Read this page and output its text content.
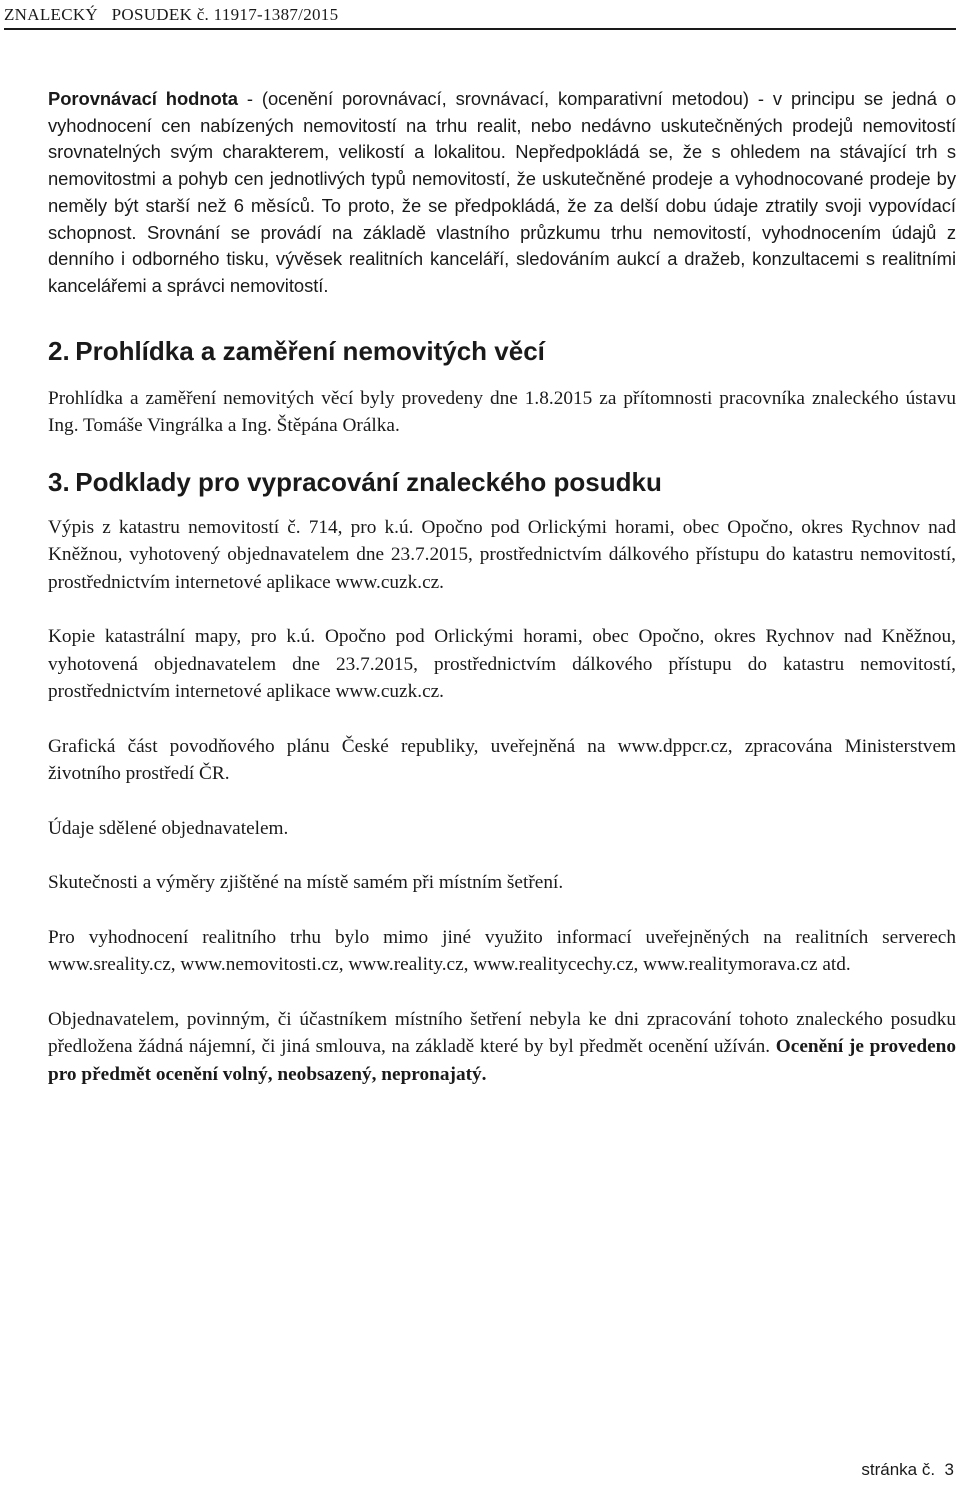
ZNALECKÝ   POSUDEK č. 11917-1387/2015

Porovnávací hodnota - (ocenění porovnávací, srovnávací, komparativní metodou) - v principu se jedná o vyhodnocení cen nabízených nemovitostí na trhu realit, nebo nedávno uskutečněných prodejů nemovitostí srovnatelných svým charakterem, velikostí a lokalitou. Nepředpokládá se, že s ohledem na stávající trh s nemovitostmi a pohyb cen jednotlivých typů nemovitostí, že uskutečněné prodeje a vyhodnocované prodeje by neměly být starší než 6 měsíců. To proto, že se předpokládá, že za delší dobu údaje ztratily svoji vypovídací schopnost. Srovnání se provádí na základě vlastního průzkumu trhu nemovitostí, vyhodnocením údajů z denního i odborného tisku, vývěsek realitních kanceláří, sledováním aukcí a dražeb, konzultacemi s realitními kancelářemi a správci nemovitostí.

2. Prohlídka a zaměření nemovitých věcí

Prohlídka a zaměření nemovitých věcí byly provedeny dne 1.8.2015 za přítomnosti pracovníka znaleckého ústavu Ing. Tomáše Vingrálka a Ing. Štěpána Orálka.

3. Podklady pro vypracování znaleckého posudku

Výpis z katastru nemovitostí č. 714, pro k.ú. Opočno pod Orlickými horami, obec Opočno, okres Rychnov nad Kněžnou, vyhotovený objednavatelem dne 23.7.2015, prostřednictvím dálkového přístupu do katastru nemovitostí, prostřednictvím internetové aplikace www.cuzk.cz.

Kopie katastrální mapy, pro k.ú. Opočno pod Orlickými horami, obec Opočno, okres Rychnov nad Kněžnou, vyhotovená objednavatelem dne 23.7.2015, prostřednictvím dálkového přístupu do katastru nemovitostí, prostřednictvím internetové aplikace www.cuzk.cz.

Grafická část povodňového plánu České republiky, uveřejněná na www.dppcr.cz, zpracována Ministerstvem životního prostředí ČR.

Údaje sdělené objednavatelem.

Skutečnosti a výměry zjištěné na místě samém při místním šetření.

Pro vyhodnocení realitního trhu bylo mimo jiné využito informací uveřejněných na realitních serverech www.sreality.cz, www.nemovitosti.cz, www.reality.cz, www.realitycechy.cz, www.realitymorava.cz atd.

Objednavatelem, povinným, či účastníkem místního šetření nebyla ke dni zpracování tohoto znaleckého posudku předložena žádná nájemní, či jiná smlouva, na základě které by byl předmět ocenění užíván. Ocenění je provedeno pro předmět ocenění volný, neobsazený, nepronajatý.

stránka č.  3
